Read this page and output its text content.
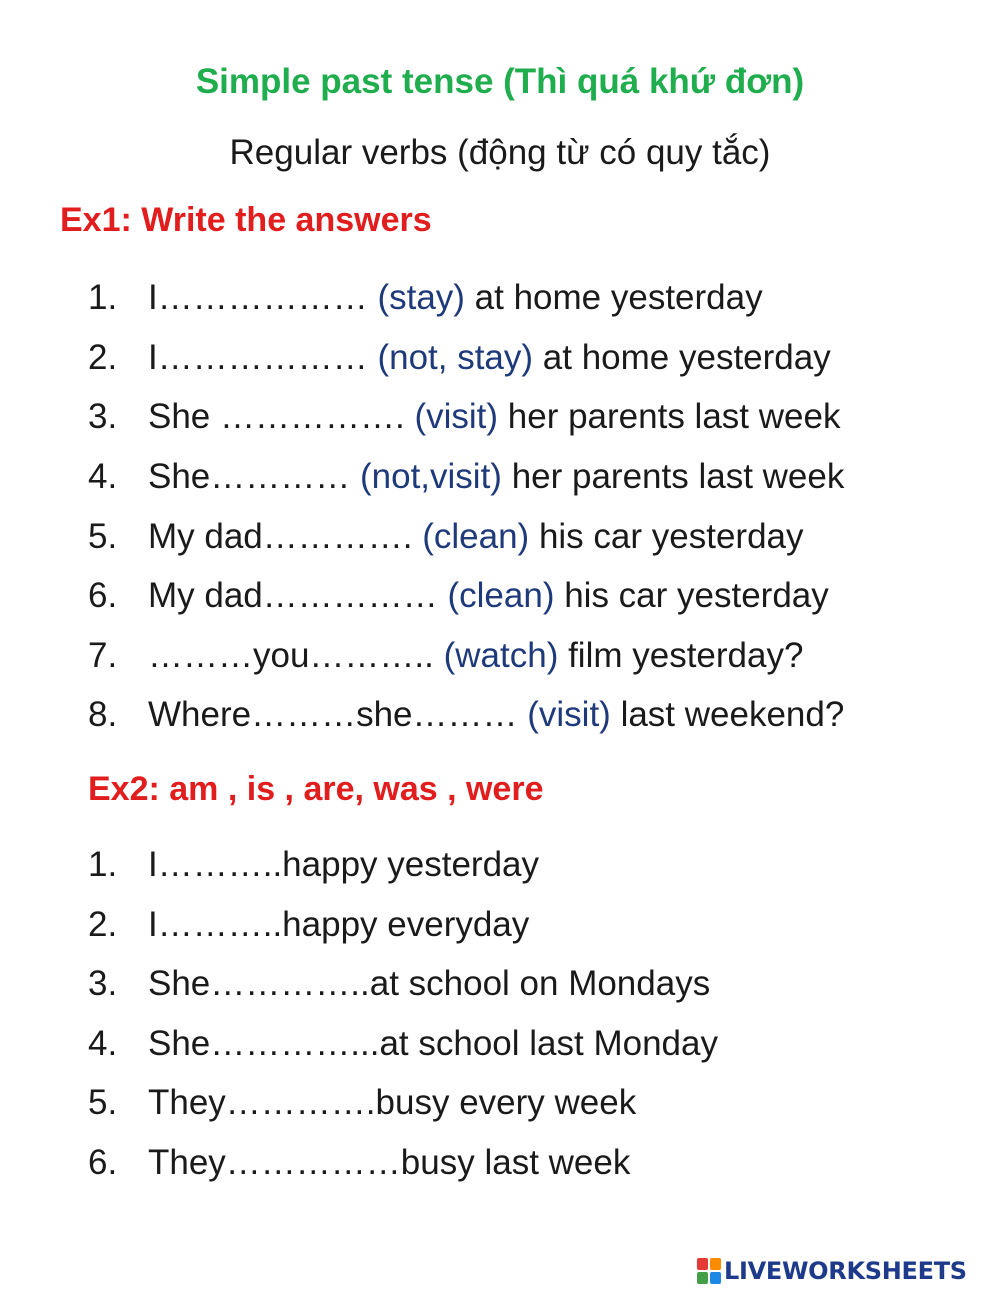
Simple past tense (Thì quá khứ đơn)
Regular verbs (động từ có quy tắc)
Ex1: Write the answers
1. I……………… (stay) at home yesterday
2. I……………… (not, stay) at home yesterday
3. She ……………. (visit) her parents last week
4. She………… (not,visit) her parents last week
5. My dad…………. (clean) his car yesterday
6. My dad…………… (clean) his car yesterday
7. ………you……….. (watch) film yesterday?
8. Where………she……… (visit) last weekend?
Ex2: am , is , are, was , were
1. I………..happy yesterday
2. I………..happy everyday
3. She…………..at school on Mondays
4. She…………...at school last Monday
5. They………….busy every week
6. They……………busy last week
LIVEWORKSHEETS
